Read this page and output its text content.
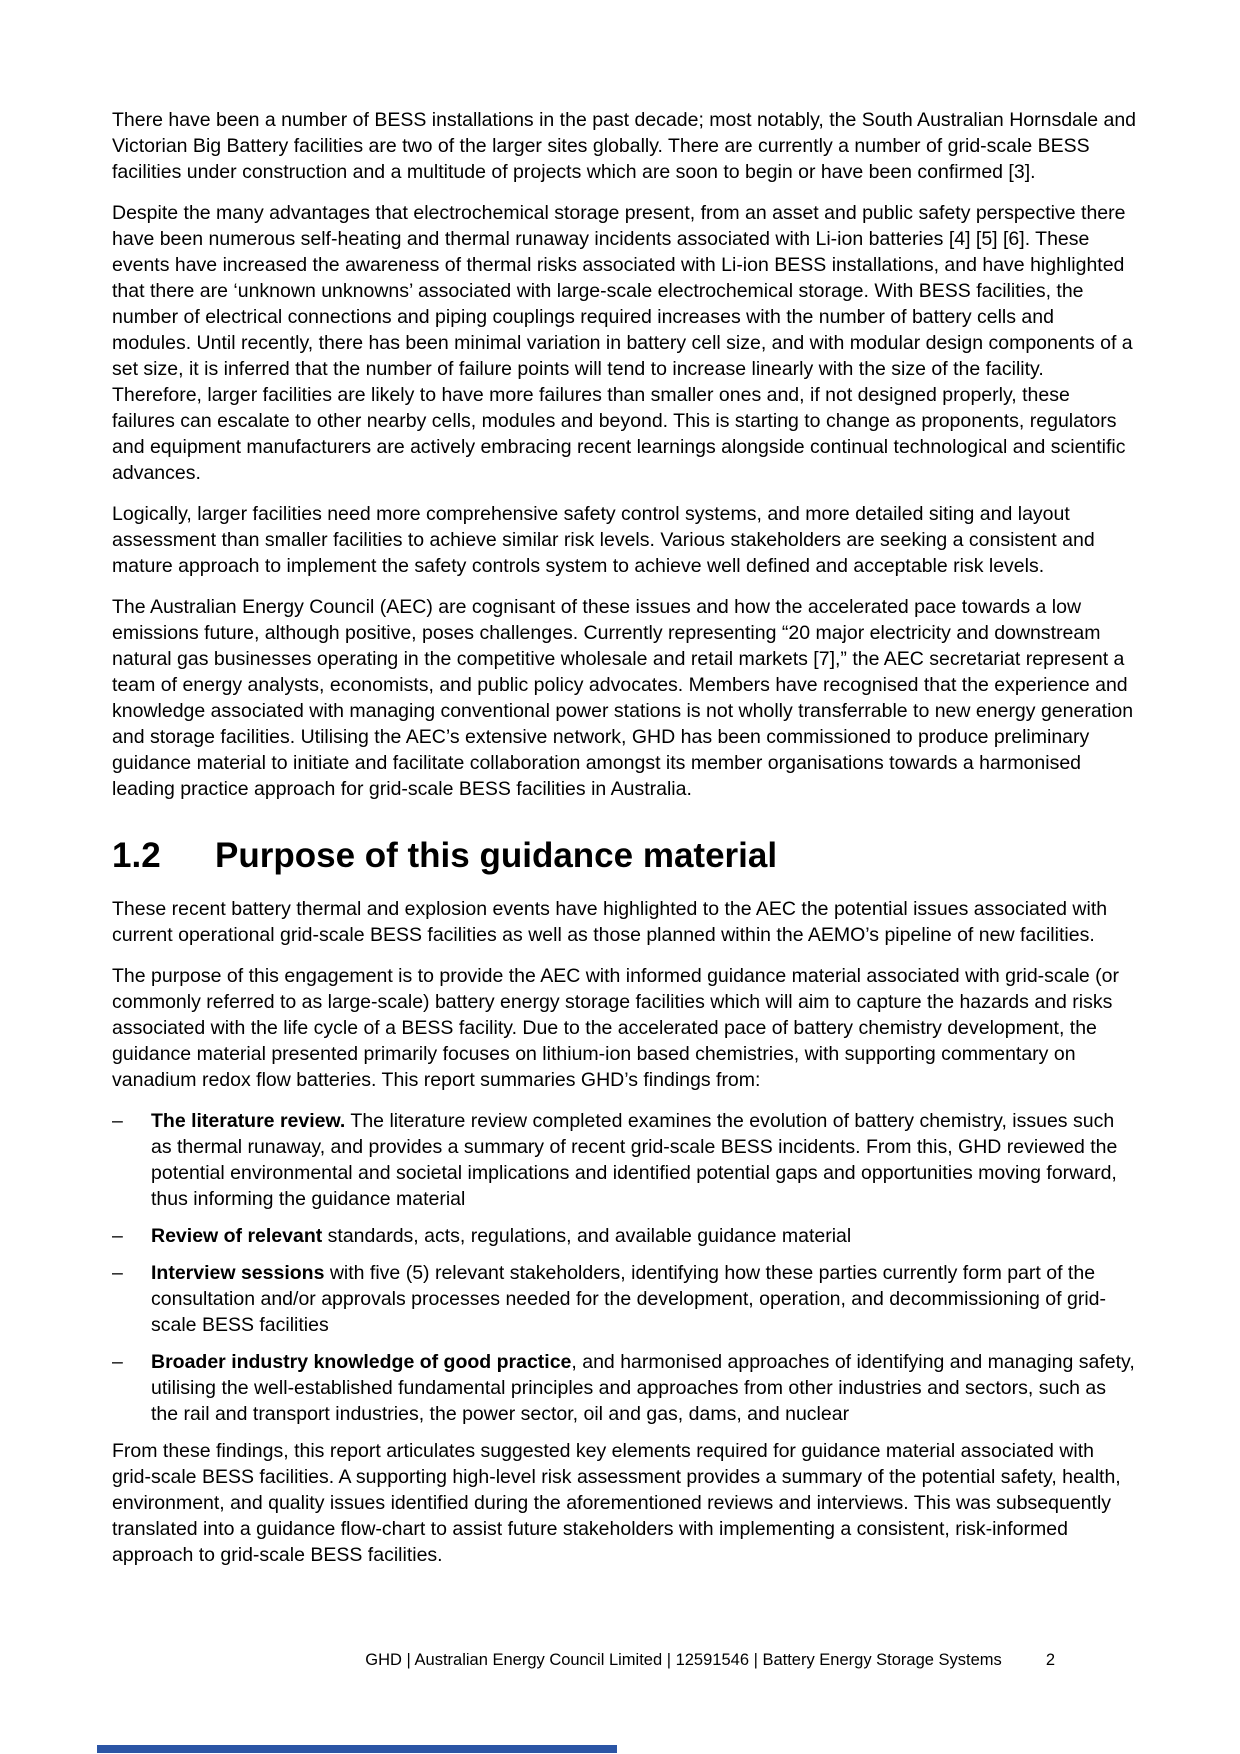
There have been a number of BESS installations in the past decade; most notably, the South Australian Hornsdale and Victorian Big Battery facilities are two of the larger sites globally. There are currently a number of grid-scale BESS facilities under construction and a multitude of projects which are soon to begin or have been confirmed [3].

Despite the many advantages that electrochemical storage present, from an asset and public safety perspective there have been numerous self-heating and thermal runaway incidents associated with Li-ion batteries [4] [5] [6]. These events have increased the awareness of thermal risks associated with Li-ion BESS installations, and have highlighted that there are ‘unknown unknowns’ associated with large-scale electrochemical storage. With BESS facilities, the number of electrical connections and piping couplings required increases with the number of battery cells and modules. Until recently, there has been minimal variation in battery cell size, and with modular design components of a set size, it is inferred that the number of failure points will tend to increase linearly with the size of the facility. Therefore, larger facilities are likely to have more failures than smaller ones and, if not designed properly, these failures can escalate to other nearby cells, modules and beyond. This is starting to change as proponents, regulators and equipment manufacturers are actively embracing recent learnings alongside continual technological and scientific advances.

Logically, larger facilities need more comprehensive safety control systems, and more detailed siting and layout assessment than smaller facilities to achieve similar risk levels. Various stakeholders are seeking a consistent and mature approach to implement the safety controls system to achieve well defined and acceptable risk levels.

The Australian Energy Council (AEC) are cognisant of these issues and how the accelerated pace towards a low emissions future, although positive, poses challenges. Currently representing “20 major electricity and downstream natural gas businesses operating in the competitive wholesale and retail markets [7],” the AEC secretariat represent a team of energy analysts, economists, and public policy advocates. Members have recognised that the experience and knowledge associated with managing conventional power stations is not wholly transferrable to new energy generation and storage facilities. Utilising the AEC’s extensive network, GHD has been commissioned to produce preliminary guidance material to initiate and facilitate collaboration amongst its member organisations towards a harmonised leading practice approach for grid-scale BESS facilities in Australia.

1.2	Purpose of this guidance material

These recent battery thermal and explosion events have highlighted to the AEC the potential issues associated with current operational grid-scale BESS facilities as well as those planned within the AEMO’s pipeline of new facilities.

The purpose of this engagement is to provide the AEC with informed guidance material associated with grid-scale (or commonly referred to as large-scale) battery energy storage facilities which will aim to capture the hazards and risks associated with the life cycle of a BESS facility. Due to the accelerated pace of battery chemistry development, the guidance material presented primarily focuses on lithium-ion based chemistries, with supporting commentary on vanadium redox flow batteries. This report summaries GHD’s findings from:

–	The literature review. The literature review completed examines the evolution of battery chemistry, issues such as thermal runaway, and provides a summary of recent grid-scale BESS incidents. From this, GHD reviewed the potential environmental and societal implications and identified potential gaps and opportunities moving forward, thus informing the guidance material
–	Review of relevant standards, acts, regulations, and available guidance material
–	Interview sessions with five (5) relevant stakeholders, identifying how these parties currently form part of the consultation and/or approvals processes needed for the development, operation, and decommissioning of grid-scale BESS facilities
–	Broader industry knowledge of good practice, and harmonised approaches of identifying and managing safety, utilising the well-established fundamental principles and approaches from other industries and sectors, such as the rail and transport industries, the power sector, oil and gas, dams, and nuclear

From these findings, this report articulates suggested key elements required for guidance material associated with grid-scale BESS facilities. A supporting high-level risk assessment provides a summary of the potential safety, health, environment, and quality issues identified during the aforementioned reviews and interviews. This was subsequently translated into a guidance flow-chart to assist future stakeholders with implementing a consistent, risk-informed approach to grid-scale BESS facilities.

GHD | Australian Energy Council Limited | 12591546 | Battery Energy Storage Systems	2
